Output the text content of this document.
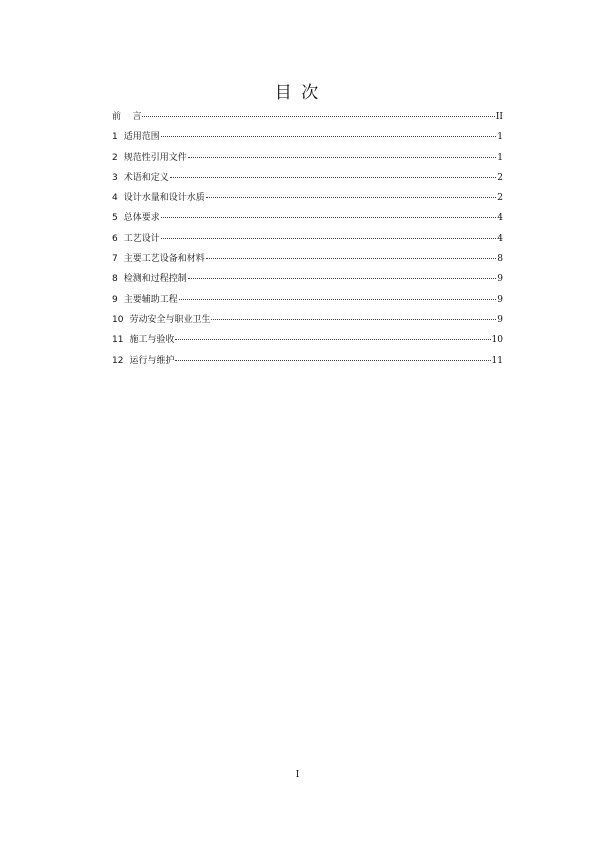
目 次
前    言	II
1 适用范围	1
2 规范性引用文件	1
3 术语和定义	2
4 设计水量和设计水质	2
5 总体要求	4
6 工艺设计	4
7 主要工艺设备和材料	8
8 检测和过程控制	9
9 主要辅助工程	9
10 劳动安全与职业卫生	9
11 施工与验收	10
12 运行与维护	11
I
